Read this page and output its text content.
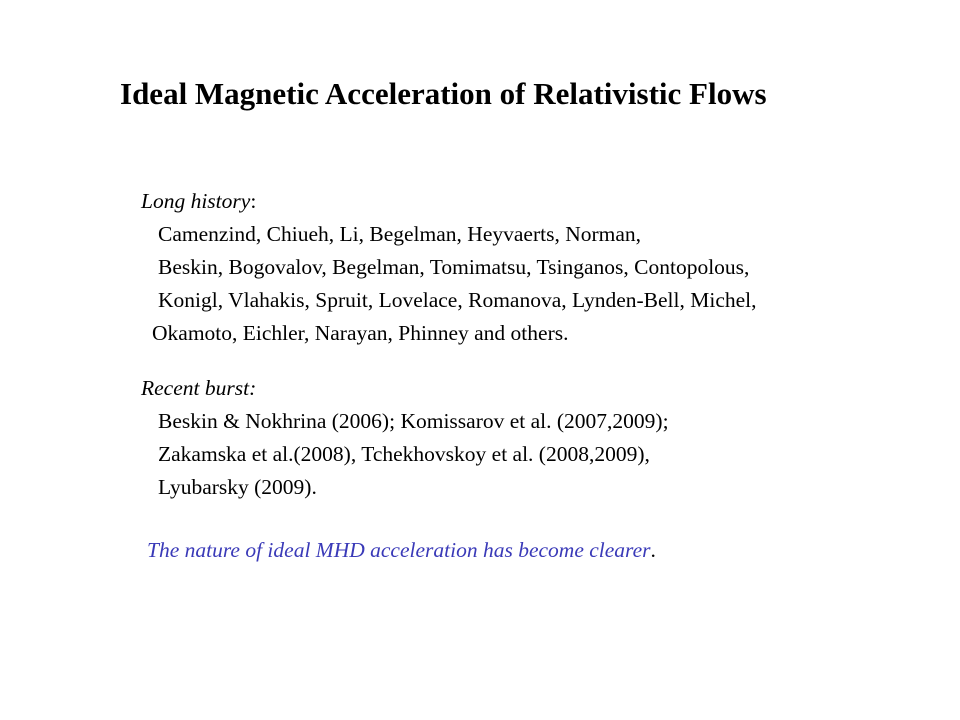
Ideal Magnetic Acceleration of Relativistic Flows
Long history:
Camenzind, Chiueh, Li, Begelman, Heyvaerts, Norman,
Beskin, Bogovalov, Begelman, Tomimatsu, Tsinganos, Contopolous,
Konigl, Vlahakis, Spruit, Lovelace, Romanova, Lynden-Bell, Michel,
Okamoto, Eichler, Narayan, Phinney and others.
Recent burst:
Beskin & Nokhrina (2006); Komissarov et al. (2007,2009);
Zakamska et al.(2008), Tchekhovskoy et al. (2008,2009),
Lyubarsky (2009).
The nature of ideal MHD acceleration has become clearer.
